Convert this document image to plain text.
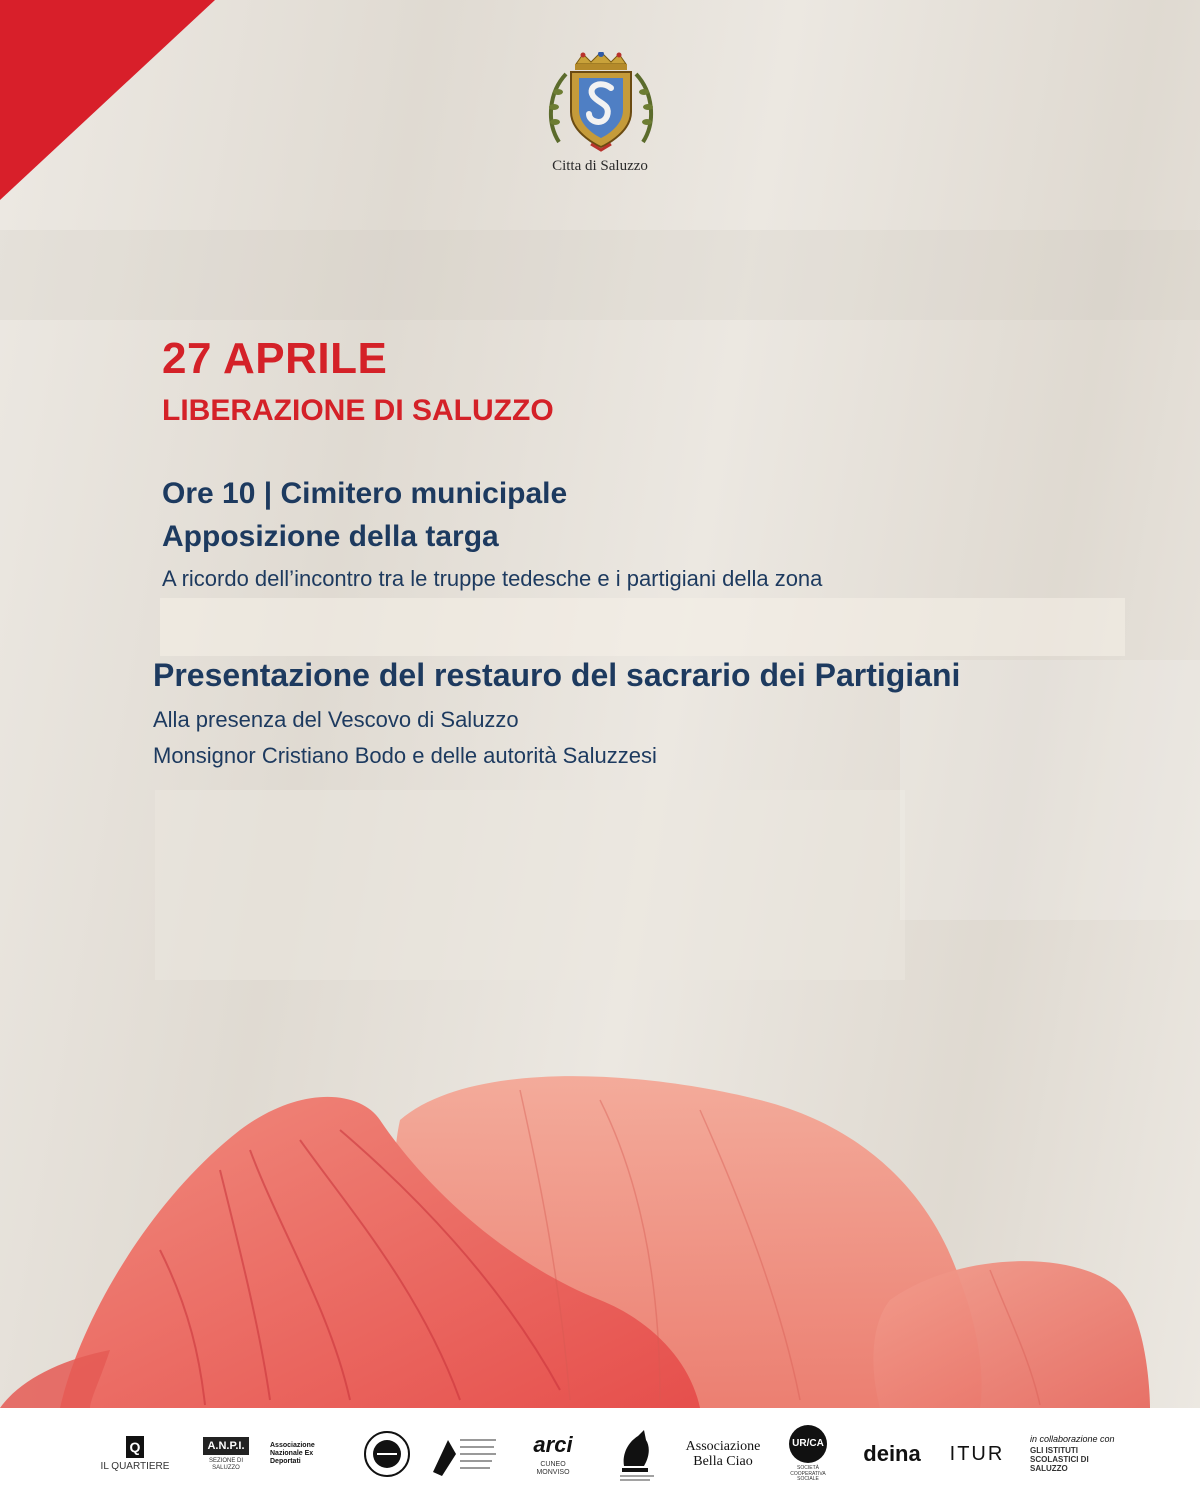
Citta di Saluzzo
27 APRILE
LIBERAZIONE DI SALUZZO
Ore 10 | Cimitero municipale
Apposizione della targa
A ricordo dell’incontro tra le truppe tedesche e i partigiani della zona
Presentazione del restauro del sacrario dei Partigiani
Alla presenza del Vescovo di Saluzzo
Monsignor Cristiano Bodo e delle autorità Saluzzesi
Q
IL QUARTIERE
A.N.P.I.
SEZIONE DI SALUZZO
Associazione Nazionale Ex Deportati
arci
CUNEO MONVISO
Associazione Bella Ciao
UR/CA
SOCIETÀ COOPERATIVA SOCIALE
deina ITUR
in collaborazione con
GLI ISTITUTI SCOLASTICI DI SALUZZO
